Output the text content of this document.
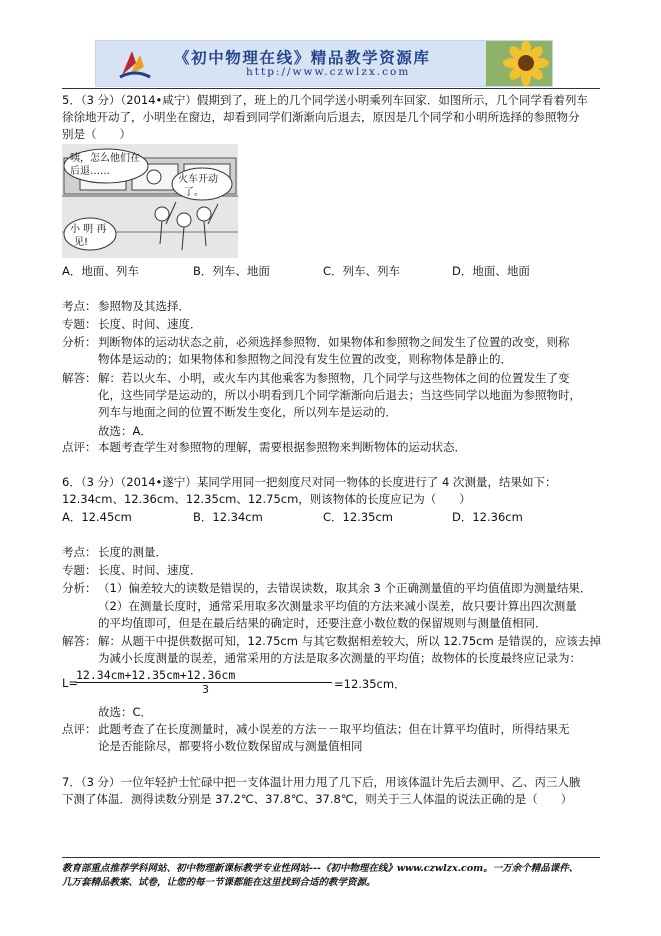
《初中物理在线》精品教学资源库
http://www.czwlzx.com
5．（3 分）（2014•咸宁）假期到了，班上的几个同学送小明乘列车回家．如图所示，几个同学看着列车
徐徐地开动了，小明坐在窗边，却看到同学们渐渐向后退去，原因是几个同学和小明所选择的参照物分
别是（　　）
咦，怎么他们在
后退……
火车开动
了。
小 明 再
见!
A．地面、列车	B．列车、地面	C．列车、列车	D．地面、地面
考点： 参照物及其选择．
专题： 长度、时间、速度．
分析： 判断物体的运动状态之前，必须选择参照物．如果物体和参照物之间发生了位置的改变，则称
物体是运动的；如果物体和参照物之间没有发生位置的改变，则称物体是静止的．
解答： 解：若以火车、小明，或火车内其他乘客为参照物，几个同学与这些物体之间的位置发生了变
化，这些同学是运动的，所以小明看到几个同学渐渐向后退去；当这些同学以地面为参照物时，
列车与地面之间的位置不断发生变化，所以列车是运动的．
故选：A．
点评： 本题考查学生对参照物的理解，需要根据参照物来判断物体的运动状态．
6．（3 分）（2014•遂宁）某同学用同一把刻度尺对同一物体的长度进行了 4 次测量，结果如下：
12.34cm、12.36cm、12.35cm、12.75cm，则该物体的长度应记为（　　）
A．12.45cm	B．12.34cm	C．12.35cm	D．12.36cm
考点： 长度的测量．
专题： 长度、时间、速度．
分析： （1）偏差较大的读数是错误的，去错误读数，取其余 3 个正确测量值的平均值值即为测量结果．
（2）在测量长度时，通常采用取多次测量求平均值的方法来减小误差，故只要计算出四次测量
的平均值即可，但是在最后结果的确定时，还要注意小数位数的保留规则与测量值相同．
解答： 解：从题干中提供数据可知，12.75cm 与其它数据相差较大，所以 12.75cm 是错误的，应该去掉
为减小长度测量的误差，通常采用的方法是取多次测量的平均值；故物体的长度最终应记录为：
L=
12.34cm+12.35cm+12.36cm
3	=12.35cm．
故选：C．
点评： 此题考查了在长度测量时，减小误差的方法－－取平均值法；但在计算平均值时，所得结果无
论是否能除尽，都要将小数位数保留成与测量值相同
7．（3 分）一位年轻护士忙碌中把一支体温计用力甩了几下后，用该体温计先后去测甲、乙、丙三人腋
下测了体温．测得读数分别是 37.2℃、37.8℃、37.8℃，则关于三人体温的说法正确的是（　　）
教育部重点推荐学科网站、初中物理新课标教学专业性网站---《初中物理在线》www.czwlzx.com。一万余个精品课件、
几万套精品教案、试卷，让您的每一节课都能在这里找到合适的教学资源。
